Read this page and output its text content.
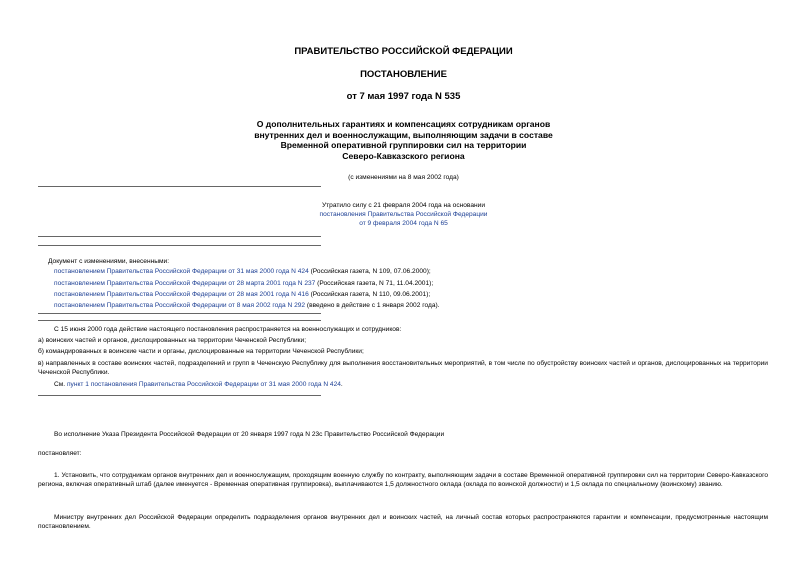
ПРАВИТЕЛЬСТВО РОССИЙСКОЙ ФЕДЕРАЦИИ
ПОСТАНОВЛЕНИЕ
от 7 мая 1997 года N 535
О дополнительных гарантиях и компенсациях сотрудникам органов
внутренних дел и военнослужащим, выполняющим задачи в составе
Временной оперативной группировки сил на территории
Северо-Кавказского региона
(с изменениями на 8 мая 2002 года)
Утратило силу с 21 февраля 2004 года на основании
постановления Правительства Российской Федерации
от 9 февраля 2004 года N 65
Документ с изменениями, внесенными:
постановлением Правительства Российской Федерации от 31 мая 2000 года N 424 (Российская газета, N 109, 07.06.2000);
постановлением Правительства Российской Федерации от 28 марта 2001 года N 237 (Российская газета, N 71, 11.04.2001);
постановлением Правительства Российской Федерации от 28 мая 2001 года N 416 (Российская газета, N 110, 09.06.2001);
постановлением Правительства Российской Федерации от 8 мая 2002 года N 292 (введено в действие с 1 января 2002 года).
С 15 июня 2000 года действие настоящего постановления распространяется на военнослужащих и сотрудников:
а) воинских частей и органов, дислоцированных на территории Чеченской Республики;
б) командированных в воинские части и органы, дислоцированные на территории Чеченской Республики;
в) направленных в составе воинских частей, подразделений и групп в Чеченскую Республику для выполнения восстановительных мероприятий, в том числе по обустройству воинских частей и органов, дислоцированных на территории Чеченской Республики.
См. пункт 1 постановления Правительства Российской Федерации от 31 мая 2000 года N 424.
Во исполнение Указа Президента Российской Федерации от 20 января 1997 года N 23с Правительство Российской Федерации
постановляет:
1. Установить, что сотрудникам органов внутренних дел и военнослужащим, проходящим военную службу по контракту, выполняющим задачи в составе Временной оперативной группировки сил на территории Северо-Кавказского региона, включая оперативный штаб (далее именуется - Временная оперативная группировка), выплачиваются 1,5 должностного оклада (оклада по воинской должности) и 1,5 оклада по специальному (воинскому) званию.
Министру внутренних дел Российской Федерации определить подразделения органов внутренних дел и воинских частей, на личный состав которых распространяются гарантии и компенсации, предусмотренные настоящим постановлением.
